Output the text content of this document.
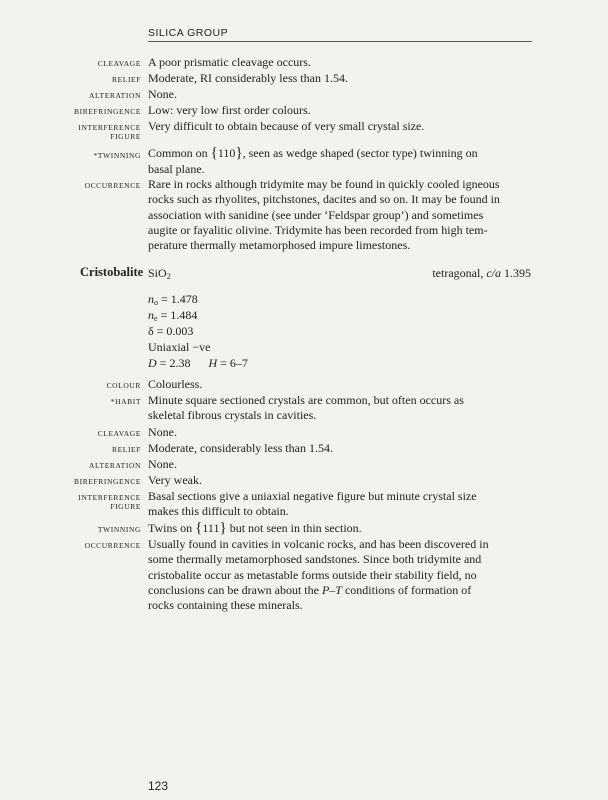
SILICA GROUP
CLEAVAGE A poor prismatic cleavage occurs.
RELIEF Moderate, RI considerably less than 1.54.
ALTERATION None.
BIREFRINGENCE Low: very low first order colours.
INTERFERENCE
FIGURE
Very difficult to obtain because of very small crystal size.
*TWINNING Common on {110}, seen as wedge shaped (sector type) twinning on
basal plane.
OCCURRENCE Rare in rocks although tridymite may be found in quickly cooled igneous
rocks such as rhyolites, pitchstones, dacites and so on. It may be found in
association with sanidine (see under ‘Feldspar group’) and sometimes
augite or fayalitic olivine. Tridymite has been recorded from high tem-
perature thermally metamorphosed impure limestones.
Cristobalite SiO$_2$	tetragonal, c/a 1.395
$n_o = 1.478$
$n_e = 1.484$
δ = 0.003
Uniaxial −ve
D = 2.38 H = 6–7
COLOUR Colourless.
*HABIT Minute square sectioned crystals are common, but often occurs as
skeletal fibrous crystals in cavities.
CLEAVAGE None.
RELIEF Moderate, considerably less than 1.54.
ALTERATION None.
BIREFRINGENCE Very weak.
INTERFERENCE
FIGURE
Basal sections give a uniaxial negative figure but minute crystal size
makes this difficult to obtain.
TWINNING Twins on {111} but not seen in thin section.
OCCURRENCE Usually found in cavities in volcanic rocks, and has been discovered in
some thermally metamorphosed sandstones. Since both tridymite and
cristobalite occur as metastable forms outside their stability field, no
conclusions can be drawn about the P–T conditions of formation of
rocks containing these minerals.
123
